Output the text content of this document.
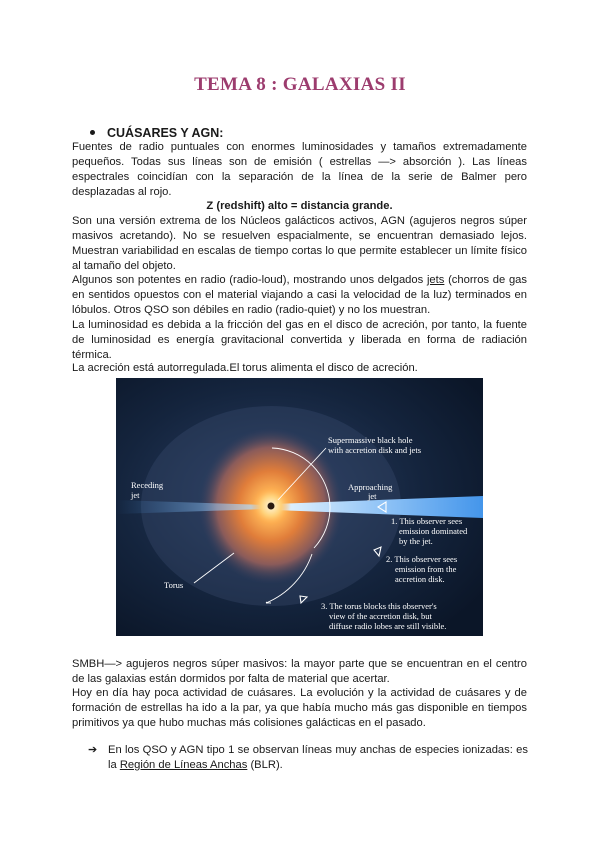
TEMA 8 : GALAXIAS II
CUÁSARES Y AGN:

Fuentes de radio puntuales con enormes luminosidades y tamaños extremadamente pequeños. Todas sus líneas son de emisión ( estrellas —> absorción ). Las líneas espectrales coincidían con la separación de la línea de la serie de Balmer pero desplazadas al rojo.

Z (redshift) alto = distancia grande.

Son una versión extrema de los Núcleos galácticos activos, AGN (agujeros negros súper masivos acretando). No se resuelven espacialmente, se encuentran demasiado lejos. Muestran variabilidad en escalas de tiempo cortas lo que permite establecer un límite físico al tamaño del objeto.

Algunos son potentes en radio (radio-loud), mostrando unos delgados jets (chorros de gas en sentidos opuestos con el material viajando a casi la velocidad de la luz) terminados en lóbulos. Otros QSO son débiles en radio (radio-quiet) y no los muestran.

La luminosidad es debida a la fricción del gas en el disco de acreción, por tanto, la fuente de luminosidad es energía gravitacional convertida y liberada en forma de radiación térmica.

La acreción está autorregulada.El torus alimenta el disco de acreción.

Supermassive black hole
with accretion disk and jets
Receding
jet
Approaching
jet
Torus
1. This observer sees
emission dominated
by the jet.
2. This observer sees
emission from the
accretion disk.
3. The torus blocks this observer's
view of the accretion disk, but
diffuse radio lobes are still visible.

SMBH—> agujeros negros súper masivos: la mayor parte que se encuentran en el centro de las galaxias están dormidos por falta de material que acertar.

Hoy en día hay poca actividad de cuásares. La evolución y la actividad de cuásares y de formación de estrellas ha ido a la par, ya que había mucho más gas disponible en tiempos primitivos ya que hubo muchas más colisiones galácticas en el pasado.

➔ En los QSO y AGN tipo 1 se observan líneas muy anchas de especies ionizadas: es la Región de Líneas Anchas (BLR).
